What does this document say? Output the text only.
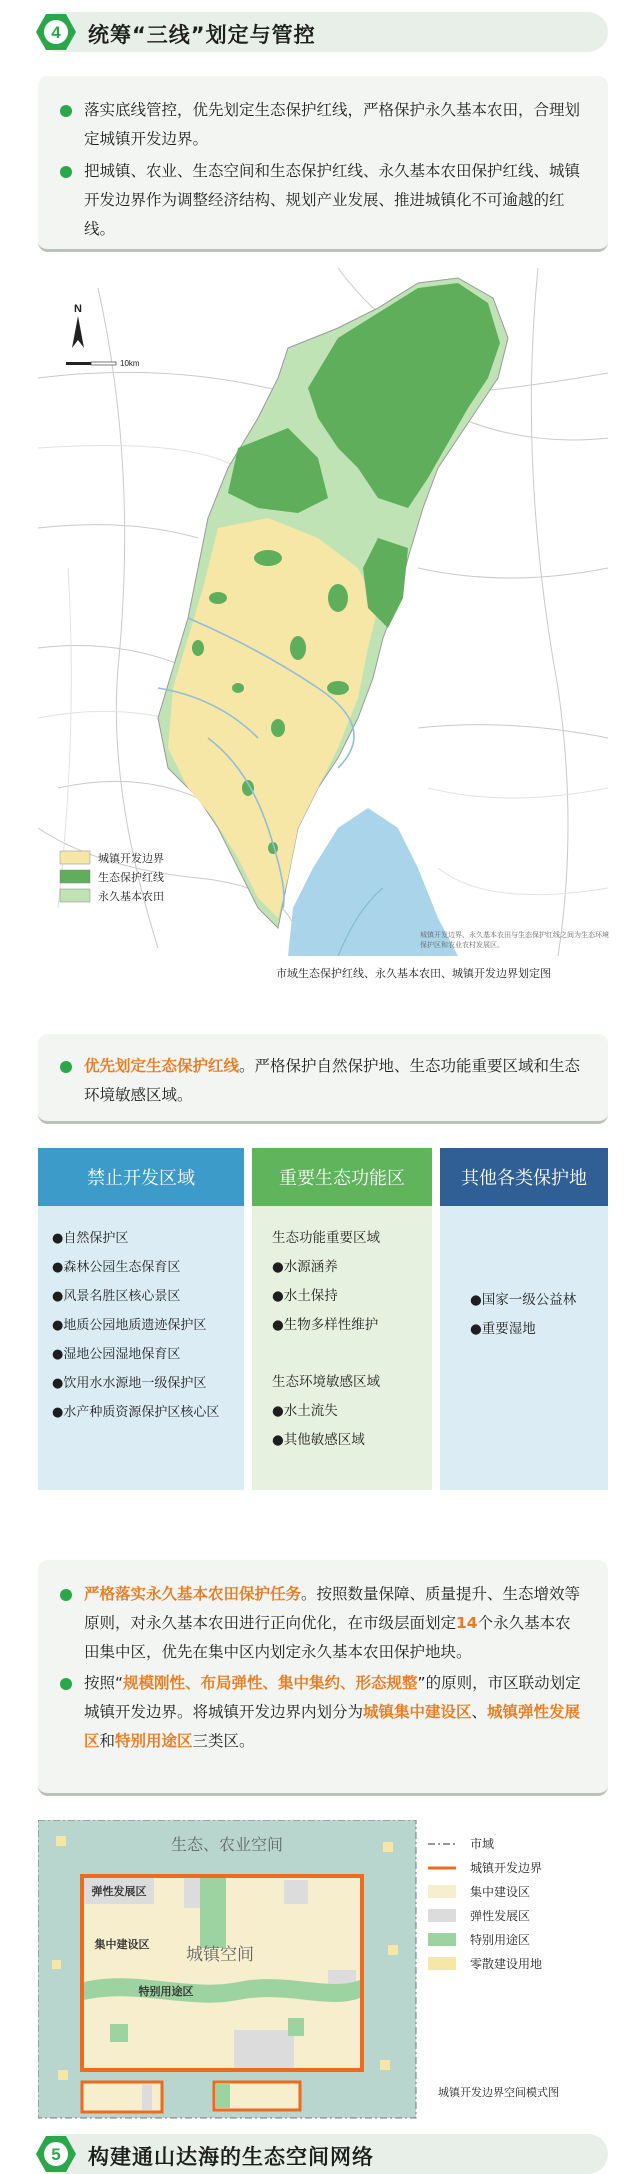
4 统筹“三线”划定与管控
落实底线管控，优先划定生态保护红线，严格保护永久基本农田，合理划定城镇开发边界。
把城镇、农业、生态空间和生态保护红线、永久基本农田保护红线、城镇开发边界作为调整经济结构、规划产业发展、推进城镇化不可逾越的红线。
N
10km
城镇开发边界
生态保护红线
永久基本农田
城镇开发边界、永久基本农田与生态保护红线之间为生态环境保护区和农业农村发展区。
市域生态保护红线、永久基本农田、城镇开发边界划定图
优先划定生态保护红线。严格保护自然保护地、生态功能重要区域和生态环境敏感区域。
禁止开发区域
●自然保护区
●森林公园生态保育区
●风景名胜区核心景区
●地质公园地质遗迹保护区
●湿地公园湿地保育区
●饮用水水源地一级保护区
●水产种质资源保护区核心区
重要生态功能区
生态功能重要区域
●水源涵养
●水土保持
●生物多样性维护
生态环境敏感区域
●水土流失
●其他敏感区域
其他各类保护地
●国家一级公益林
●重要湿地
严格落实永久基本农田保护任务。按照数量保障、质量提升、生态增效等原则，对永久基本农田进行正向优化，在市级层面划定14个永久基本农田集中区，优先在集中区内划定永久基本农田保护地块。
按照“规模刚性、布局弹性、集中集约、形态规整”的原则，市区联动划定城镇开发边界。将城镇开发边界内划分为城镇集中建设区、城镇弹性发展区和特别用途区三类区。
生态、农业空间
弹性发展区
集中建设区 城镇空间
特别用途区
市域
城镇开发边界
集中建设区
弹性发展区
特别用途区
零散建设用地
城镇开发边界空间模式图
5 构建通山达海的生态空间网络
